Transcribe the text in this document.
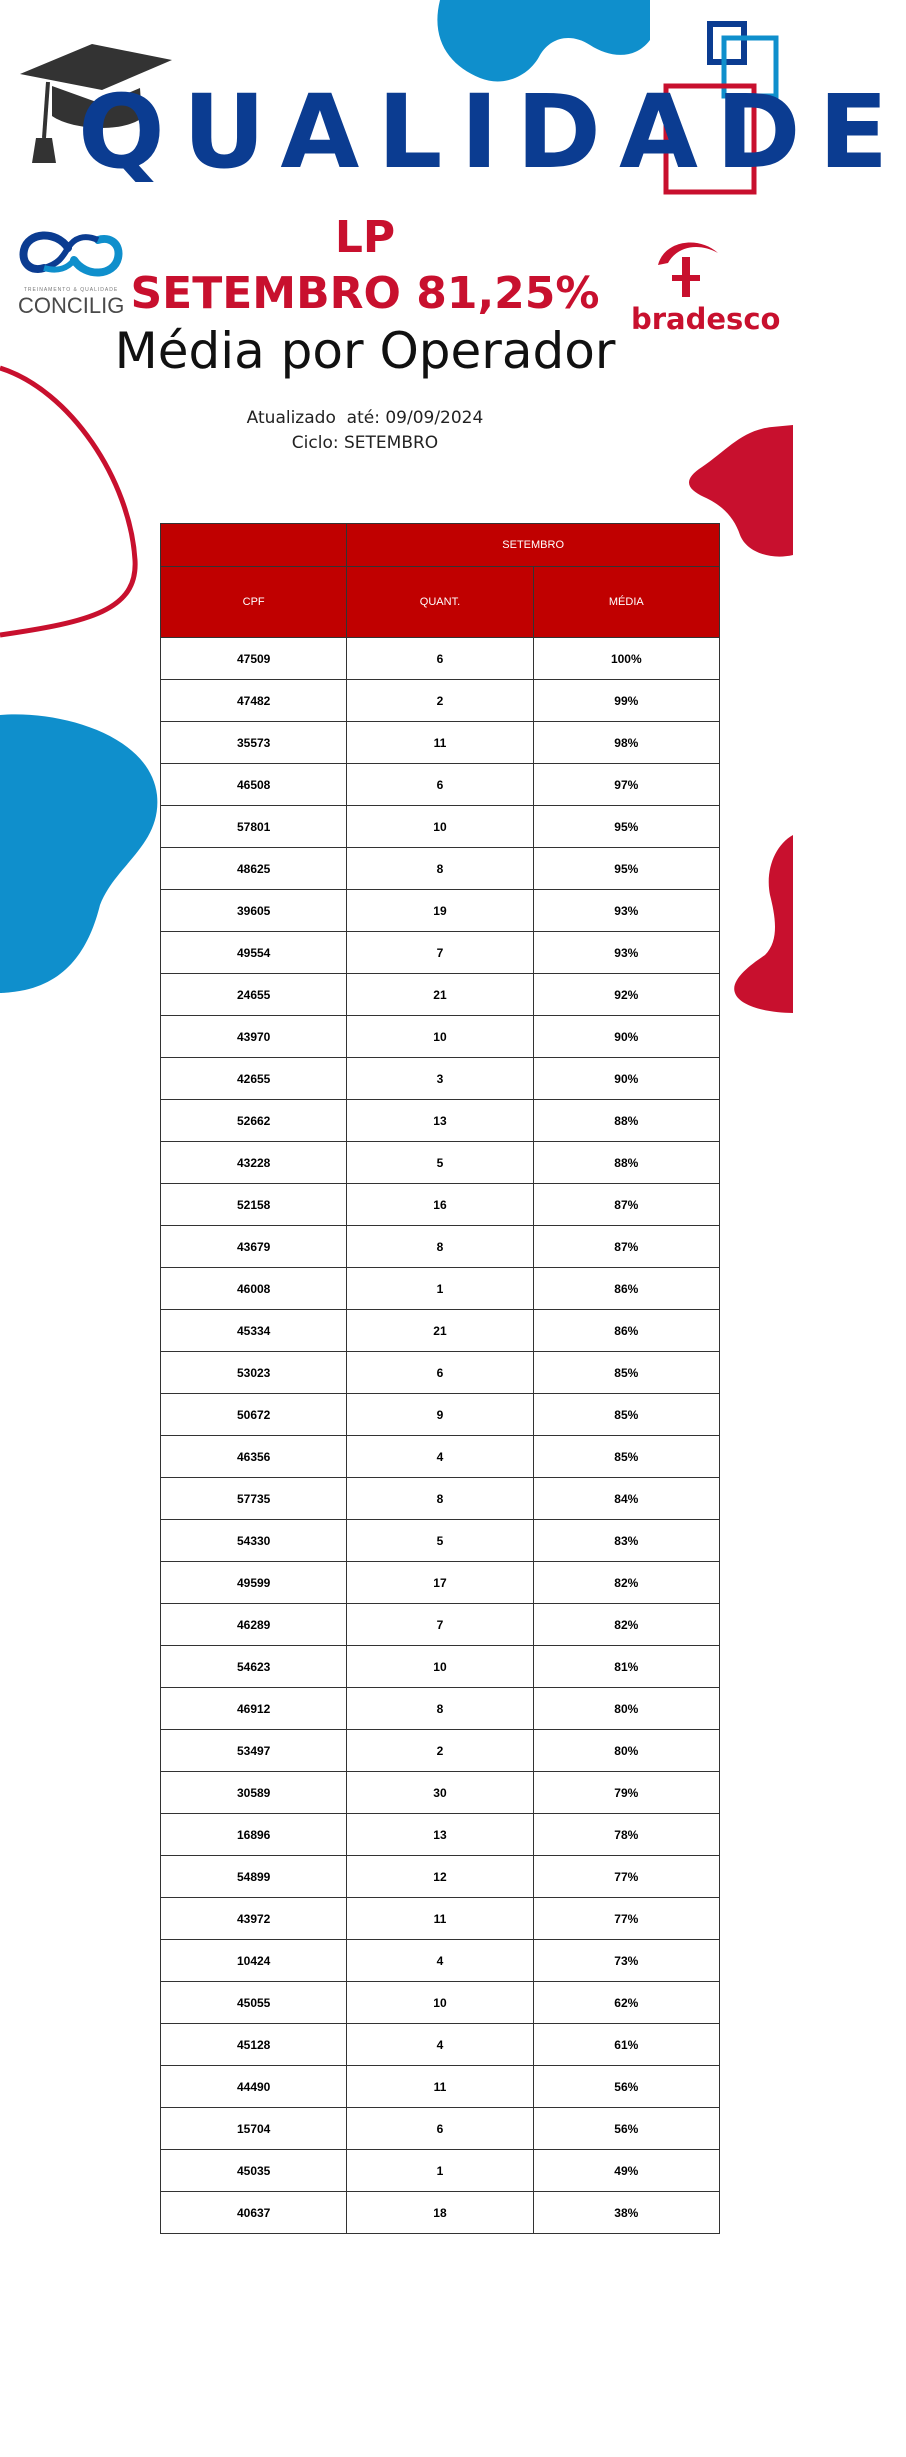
QUALIDADE
TREINAMENTO & QUALIDADE
CONCILIG	bradesco
LP
SETEMBRO 81,25%
Média por Operador
Atualizado  até: 09/09/2024
Ciclo: SETEMBRO
	SETEMBRO	
CPF	QUANT.	MÉDIA
47509	6	100%
47482	2	99%
35573	11	98%
46508	6	97%
57801	10	95%
48625	8	95%
39605	19	93%
49554	7	93%
24655	21	92%
43970	10	90%
42655	3	90%
52662	13	88%
43228	5	88%
52158	16	87%
43679	8	87%
46008	1	86%
45334	21	86%
53023	6	85%
50672	9	85%
46356	4	85%
57735	8	84%
54330	5	83%
49599	17	82%
46289	7	82%
54623	10	81%
46912	8	80%
53497	2	80%
30589	30	79%
16896	13	78%
54899	12	77%
43972	11	77%
10424	4	73%
45055	10	62%
45128	4	61%
44490	11	56%
15704	6	56%
45035	1	49%
40637	18	38%
